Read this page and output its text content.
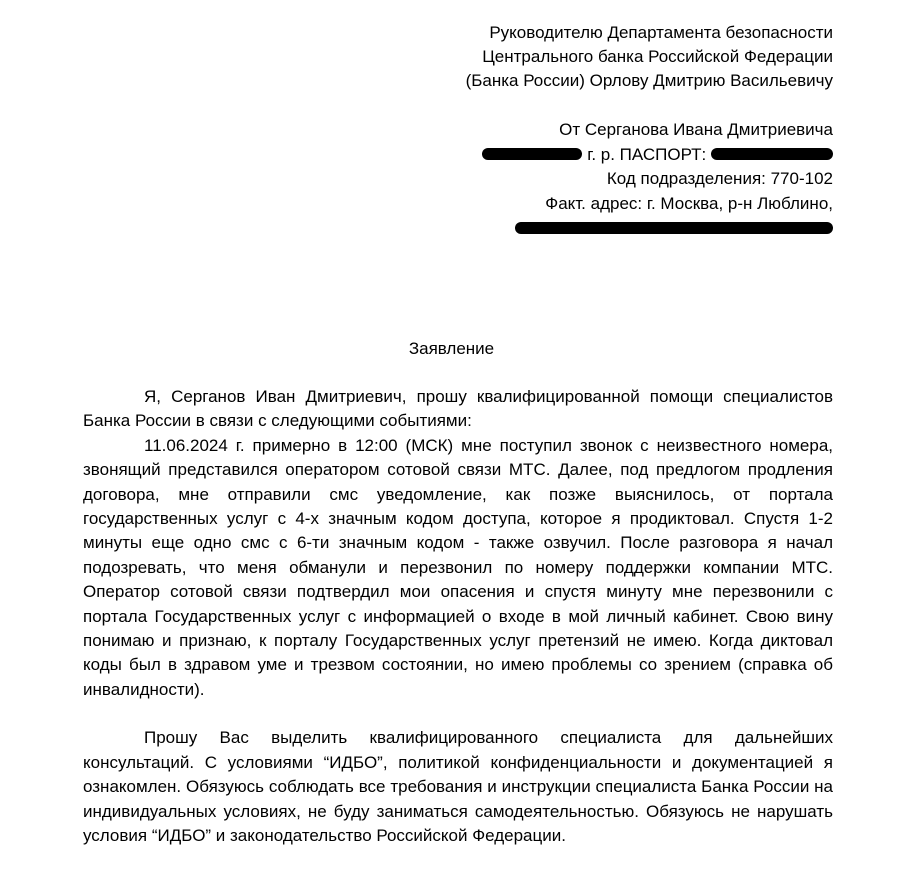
Руководителю Департамента безопасности
Центрального банка Российской Федерации
(Банка России) Орлову Дмитрию Васильевичу
От Серганова Ивана Дмитриевича
г. р. ПАСПОРТ:
Код подразделения: 770-102
Факт. адрес: г. Москва, р-н Люблино,
Заявление

Я, Серганов Иван Дмитриевич, прошу квалифицированной помощи специалистов Банка России в связи с следующими событиями:

11.06.2024 г. примерно в 12:00 (МСК) мне поступил звонок с неизвестного номера, звонящий представился оператором сотовой связи МТС. Далее, под предлогом продления договора, мне отправили смс уведомление, как позже выяснилось, от портала государственных услуг с 4-х значным кодом доступа, которое я продиктовал. Спустя 1-2 минуты еще одно смс с 6-ти значным кодом - также озвучил. После разговора я начал подозревать, что меня обманули и перезвонил по номеру поддержки компании МТС. Оператор сотовой связи подтвердил мои опасения и спустя минуту мне перезвонили с портала Государственных услуг с информацией о входе в мой личный кабинет. Свою вину понимаю и признаю, к порталу Государственных услуг претензий не имею. Когда диктовал коды был в здравом уме и трезвом состоянии, но имею проблемы со зрением (справка об инвалидности).

Прошу Вас выделить квалифицированного специалиста для дальнейших консультаций. С условиями “ИДБО”, политикой конфиденциальности и документацией я ознакомлен. Обязуюсь соблюдать все требования и инструкции специалиста Банка России на индивидуальных условиях, не буду заниматься самодеятельностью. Обязуюсь не нарушать условия “ИДБО” и законодательство Российской Федерации.
